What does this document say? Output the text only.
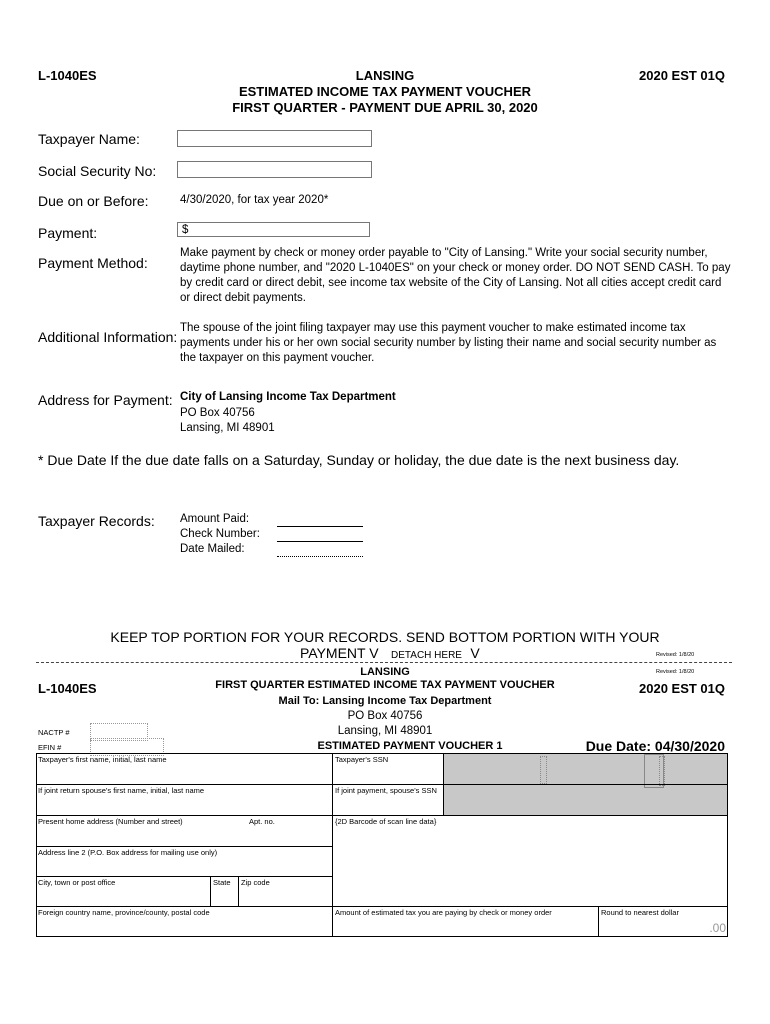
L-1040ES	LANSING
ESTIMATED INCOME TAX PAYMENT VOUCHER
FIRST QUARTER - PAYMENT DUE APRIL 30, 2020
2020 EST 01Q
Taxpayer Name:
Social Security No:
Due on or Before:	4/30/2020, for tax year 2020*
Payment:	$
Payment Method:
Make payment by check or money order payable to "City of Lansing." Write your social security number, daytime phone number, and "2020 L-1040ES" on your check or money order. DO NOT SEND CASH. To pay by credit card or direct debit, see income tax website of the City of Lansing. Not all cities accept credit card or direct debit payments.
Additional Information:
The spouse of the joint filing taxpayer may use this payment voucher to make estimated income tax payments under his or her own social security number by listing their name and social security number as the taxpayer on this payment voucher.
Address for Payment: City of Lansing Income Tax Department
PO Box 40756
Lansing, MI 48901
* Due Date If the due date falls on a Saturday, Sunday or holiday, the due date is the next business day.
Taxpayer Records: Amount Paid:
Check Number:
Date Mailed:
KEEP TOP PORTION FOR YOUR RECORDS. SEND BOTTOM PORTION WITH YOUR
PAYMENT V DETACH HERE V	Revised: 1/8/20
LANSING
L-1040ES	FIRST QUARTER ESTIMATED INCOME TAX PAYMENT VOUCHER
Revised: 1/8/20
2020 EST 01Q
Mail To: Lansing Income Tax Department
PO Box 40756
Lansing, MI 48901
NACTP #
EFIN #	ESTIMATED PAYMENT VOUCHER 1	Due Date: 04/30/2020
Taxpayer's first name, initial, last name	Taxpayer's SSN
If joint return spouse's first name, initial, last name	If joint payment, spouse's SSN
Present home address (Number and street)	Apt. no.	{2D Barcode of scan line data}
Address line 2 (P.O. Box address for mailing use only)
City, town or post office	State Zip code
Foreign country name, province/county, postal code	Amount of estimated tax you are paying by check or money order	Round to nearest dollar
.00
